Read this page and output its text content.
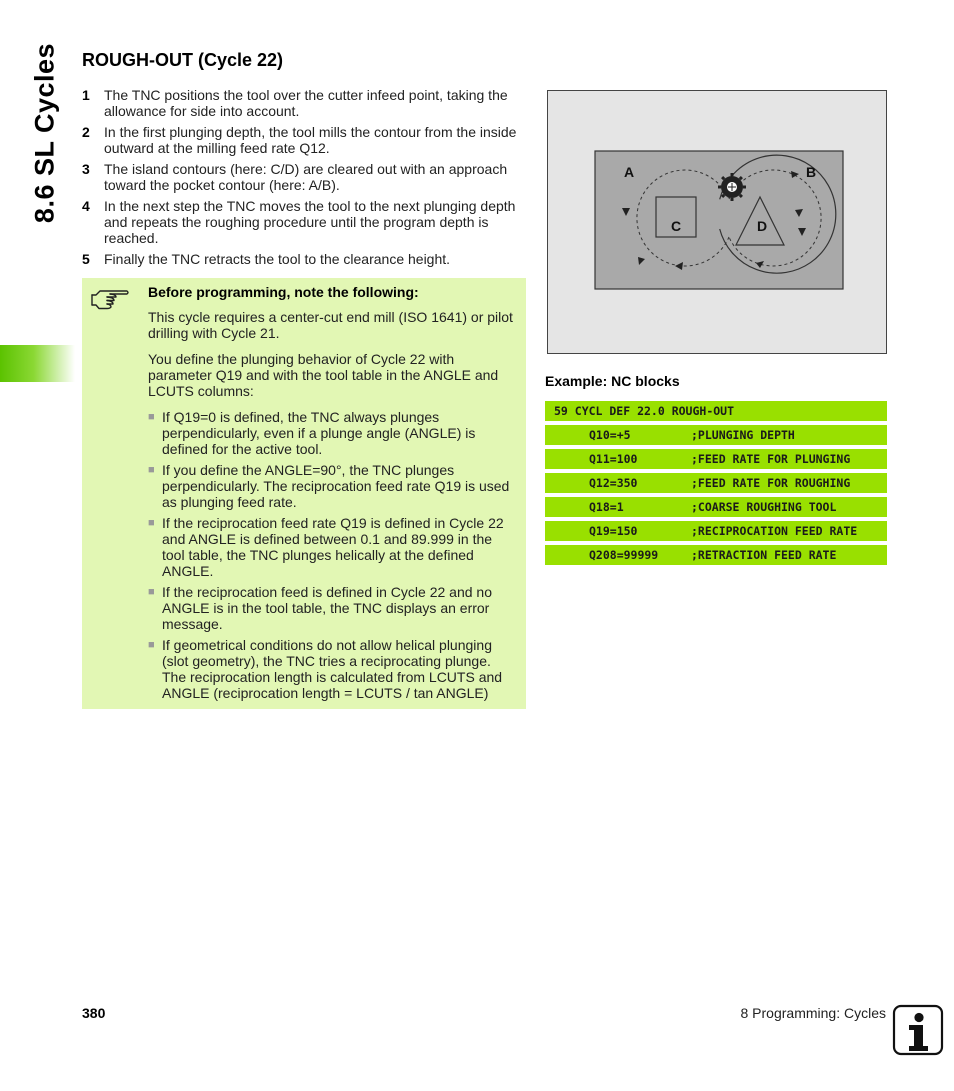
8.6 SL Cycles ROUGH-OUT (Cycle 22)
1	The TNC positions the tool over the cutter infeed point, taking the allowance for side into account.
2	In the first plunging depth, the tool mills the contour from the inside outward at the milling feed rate Q12.
3	The island contours (here: C/D) are cleared out with an approach toward the pocket contour (here: A/B).
4	In the next step the TNC moves the tool to the next plunging depth and repeats the roughing procedure until the program depth is reached.
5	Finally the TNC retracts the tool to the clearance height.

Before programming, note the following:

This cycle requires a center-cut end mill (ISO 1641) or pilot drilling with Cycle 21.

You define the plunging behavior of Cycle 22 with parameter Q19 and with the tool table in the ANGLE and LCUTS columns:

■ If Q19=0 is defined, the TNC always plunges perpendicularly, even if a plunge angle (ANGLE) is defined for the active tool.
■ If you define the ANGLE=90°, the TNC plunges perpendicularly. The reciprocation feed rate Q19 is used as plunging feed rate.
■ If the reciprocation feed rate Q19 is defined in Cycle 22 and ANGLE is defined between 0.1 and 89.999 in the tool table, the TNC plunges helically at the defined ANGLE.
■ If the reciprocation feed is defined in Cycle 22 and no ANGLE is in the tool table, the TNC displays an error message.
■ If geometrical conditions do not allow helical plunging (slot geometry), the TNC tries a reciprocating plunge. The reciprocation length is calculated from LCUTS and ANGLE (reciprocation length = LCUTS / tan ANGLE)
A	B
C	D
Example: NC blocks
59 CYCL DEF 22.0 ROUGH-OUT
Q10=+5	;PLUNGING DEPTH
Q11=100	;FEED RATE FOR PLUNGING
Q12=350	;FEED RATE FOR ROUGHING
Q18=1	;COARSE ROUGHING TOOL
Q19=150	;RECIPROCATION FEED RATE
Q208=99999	;RETRACTION FEED RATE
380	8 Programming: Cycles
